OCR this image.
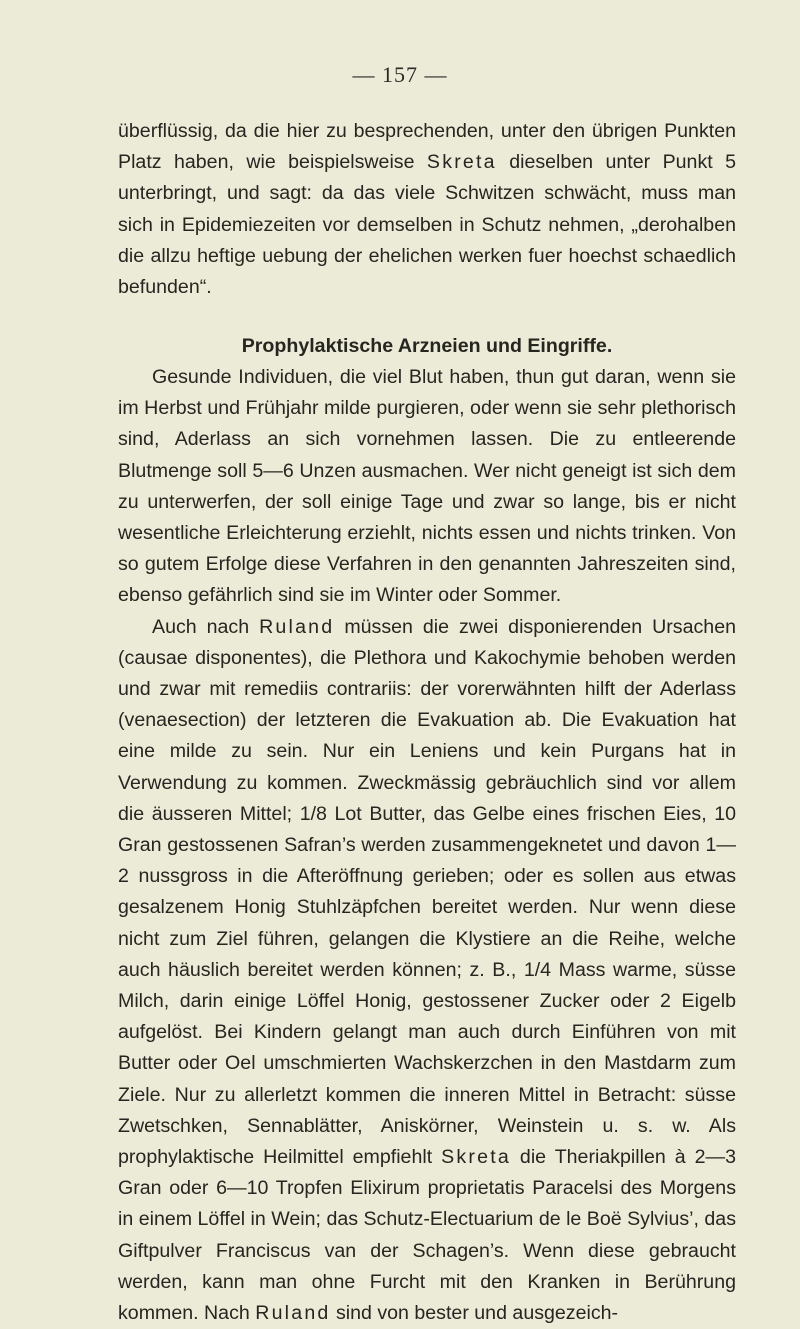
— 157 —

überflüssig, da die hier zu besprechenden, unter den übrigen Punkten Platz haben, wie beispielsweise Skreta dieselben unter Punkt 5 unterbringt, und sagt: da das viele Schwitzen schwächt, muss man sich in Epidemiezeiten vor demselben in Schutz nehmen, „derohalben die allzu heftige uebung der ehelichen werken fuer hoechst schaedlich befunden“.

Prophylaktische Arzneien und Eingriffe.

Gesunde Individuen, die viel Blut haben, thun gut daran, wenn sie im Herbst und Frühjahr milde purgieren, oder wenn sie sehr plethorisch sind, Aderlass an sich vornehmen lassen. Die zu entleerende Blutmenge soll 5—6 Unzen ausmachen. Wer nicht geneigt ist sich dem zu unterwerfen, der soll einige Tage und zwar so lange, bis er nicht wesentliche Erleichterung erziehlt, nichts essen und nichts trinken. Von so gutem Erfolge diese Verfahren in den genannten Jahreszeiten sind, ebenso gefährlich sind sie im Winter oder Sommer.

Auch nach Ruland müssen die zwei disponierenden Ursachen (causae disponentes), die Plethora und Kakochymie behoben werden und zwar mit remediis contrariis: der vorerwähnten hilft der Aderlass (venaesection) der letzteren die Evakuation ab. Die Evakuation hat eine milde zu sein. Nur ein Leniens und kein Purgans hat in Verwendung zu kommen. Zweckmässig gebräuchlich sind vor allem die äusseren Mittel; 1/8 Lot Butter, das Gelbe eines frischen Eies, 10 Gran gestossenen Safran’s werden zusammengeknetet und davon 1—2 nussgross in die Afteröffnung gerieben; oder es sollen aus etwas gesalzenem Honig Stuhlzäpfchen bereitet werden. Nur wenn diese nicht zum Ziel führen, gelangen die Klystiere an die Reihe, welche auch häuslich bereitet werden können; z. B., 1/4 Mass warme, süsse Milch, darin einige Löffel Honig, gestossener Zucker oder 2 Eigelb aufgelöst. Bei Kindern gelangt man auch durch Einführen von mit Butter oder Oel umschmierten Wachskerzchen in den Mastdarm zum Ziele. Nur zu allerletzt kommen die inneren Mittel in Betracht: süsse Zwetschken, Sennablätter, Aniskörner, Weinstein u. s. w. Als prophylaktische Heilmittel empfiehlt Skreta die Theriakpillen à 2—3 Gran oder 6—10 Tropfen Elixirum proprietatis Paracelsi des Morgens in einem Löffel in Wein; das Schutz-Electuarium de le Boë Sylvius’, das Giftpulver Franciscus van der Schagen’s. Wenn diese gebraucht werden, kann man ohne Furcht mit den Kranken in Berührung kommen. Nach Ruland sind von bester und ausgezeich-
